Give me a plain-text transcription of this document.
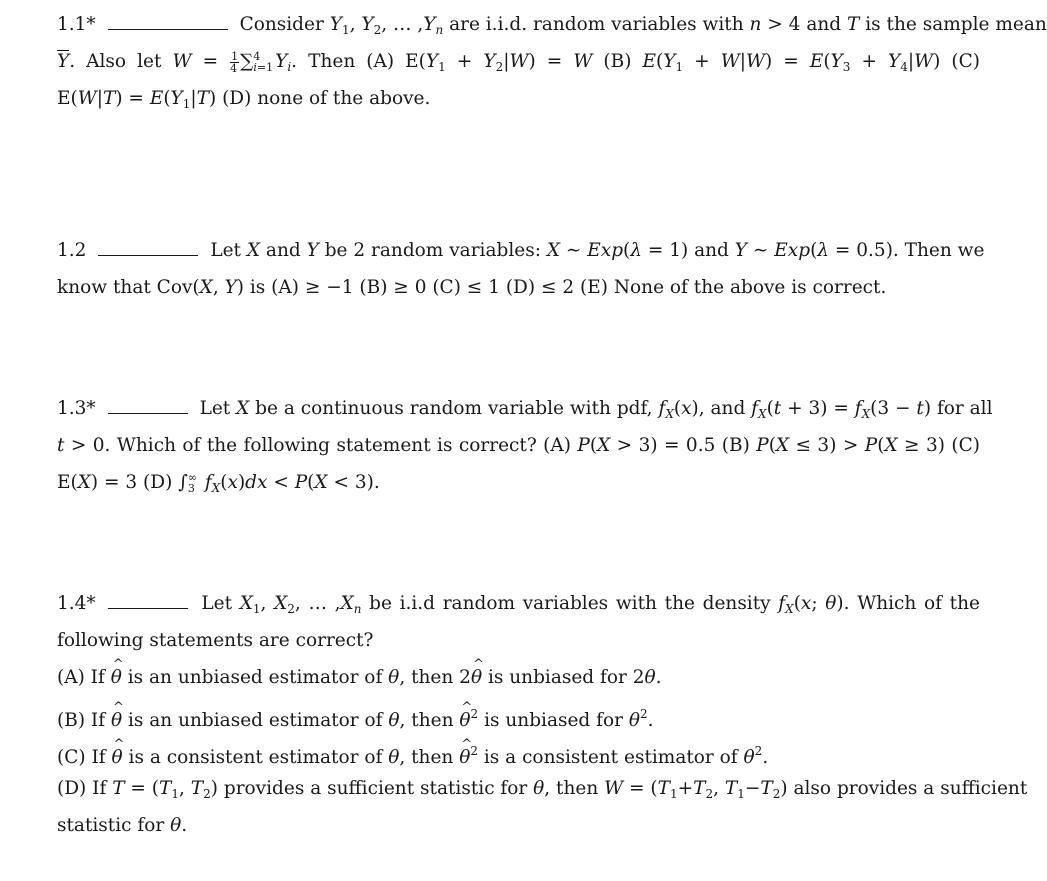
1.1*	Consider $Y_1$, $Y_2$, … $,Y_n$ are i.i.d. random variables with n > 4 and T is the sample mean
Y. Also let $W = \frac{1}{4}$ ∑ 4
i=1 $Y_i$. Then (A) $E(Y_1 + Y_2|W) = W$ (B) $E(Y_1 + W|W) = E(Y_3 + Y_4|W)$ (C)
$E(W|T) = E(Y_1|T)$ (D) none of the above.
1.2	Let X and Y be 2 random variables: X ∼ Exp(λ = 1) and Y ∼ Exp(λ = 0.5). Then we
know that Cov(X, Y) is (A) ≥ −1 (B) ≥ 0 (C) ≤ 1 (D) ≤ 2 (E) None of the above is correct.
1.3*	Let X be a continuous random variable with pdf, $f_X(x)$, and $f_X(t + 3) = f_X(3 - t)$ for all
t > 0. Which of the following statement is correct? (A) P(X > 3) = 0.5 (B) P(X ≤ 3) > P(X ≥ 3) (C)
E(X) = 3 (D) ∫ ∞
3 $f_X(x)dx < P(X < 3)$.
1.4*	Let $X_1$, $X_2$, … $,X_n$ be i.i.d random variables with the density $f_X(x$; θ). Which of the
following statements are correct?
(A) If ^ θ is an unbiased estimator of θ, then 2^ θ is unbiased for 2θ.
(B) If ^ θ is an unbiased estimator of θ, then ^ $\theta^2$ is unbiased for $\theta^2$.
(C) If ^ θ is a consistent estimator of θ, then ^ $\theta^2$ is a consistent estimator of $\theta^2$.
(D) If $T = (T_1$, $T_2$) provides a sufficient statistic for θ, then $W = (T_1+T_2$, $T_1-T_2$) also provides a sufficient
statistic for θ.
